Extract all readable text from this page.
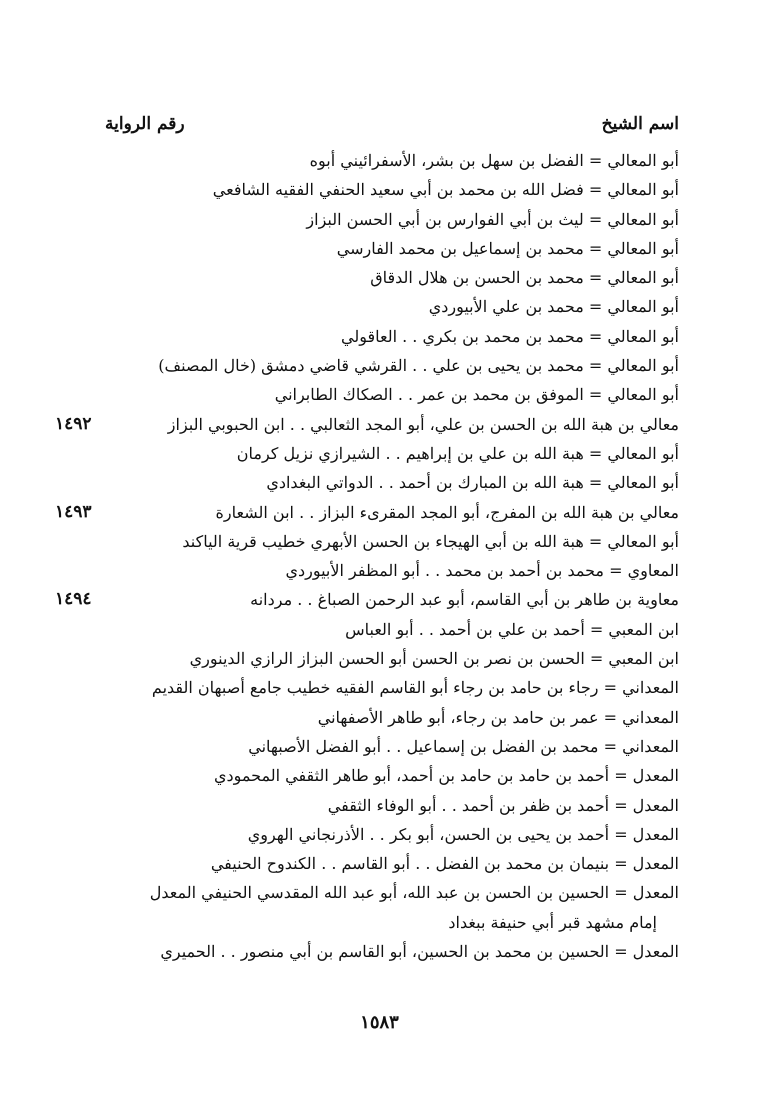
اسم الشيخ
رقم الرواية
أبو المعالي = الفضل بن سهل بن بشر، الأسفرائيني أبوه
أبو المعالي = فضل الله بن محمد بن أبي سعيد الحنفي الفقيه الشافعي
أبو المعالي = ليث بن أبي الفوارس بن أبي الحسن البزاز
أبو المعالي = محمد بن إسماعيل بن محمد الفارسي
أبو المعالي = محمد بن الحسن بن هلال الدقاق
أبو المعالي = محمد بن علي الأبيوردي
أبو المعالي = محمد بن محمد بن بكري . . العاقولي
أبو المعالي = محمد بن يحيى بن علي . . القرشي قاضي دمشق (خال المصنف)
أبو المعالي = الموفق بن محمد بن عمر . . الصكاك الطابراني
معالي بن هبة الله بن الحسن بن علي، أبو المجد الثعالبي . . ابن الحبوبي البزاز
١٤٩٢
أبو المعالي = هبة الله بن علي بن إبراهيم . . الشيرازي نزيل كرمان
أبو المعالي = هبة الله بن المبارك بن أحمد . . الدواتي البغدادي
معالي بن هبة الله بن المفرج، أبو المجد المقرىء البزاز . . ابن الشعارة
١٤٩٣
أبو المعالي = هبة الله بن أبي الهيجاء بن الحسن الأبهري خطيب قرية الياكند
المعاوي = محمد بن أحمد بن محمد . . أبو المظفر الأبيوردي
معاوية بن طاهر بن أبي القاسم، أبو عبد الرحمن الصباغ . . مردانه
١٤٩٤
ابن المعبي = أحمد بن علي بن أحمد . . أبو العباس
ابن المعبي = الحسن بن نصر بن الحسن أبو الحسن البزاز الرازي الدينوري
المعداني = رجاء بن حامد بن رجاء أبو القاسم الفقيه خطيب جامع أصبهان القديم
المعداني = عمر بن حامد بن رجاء، أبو طاهر الأصفهاني
المعداني = محمد بن الفضل بن إسماعيل . . أبو الفضل الأصبهاني
المعدل = أحمد بن حامد بن حامد بن أحمد، أبو طاهر الثقفي المحمودي
المعدل = أحمد بن ظفر بن أحمد . . أبو الوفاء الثقفي
المعدل = أحمد بن يحيى بن الحسن، أبو بكر . . الأذرنجاني الهروي
المعدل = بنيمان بن محمد بن الفضل . . أبو القاسم . . الكندوح الحنيفي
المعدل = الحسين بن الحسن بن عبد الله، أبو عبد الله المقدسي الحنيفي المعدل
إمام مشهد قبر أبي حنيفة ببغداد
المعدل = الحسين بن محمد بن الحسين، أبو القاسم بن أبي منصور . . الحميري
١٥٨٣
